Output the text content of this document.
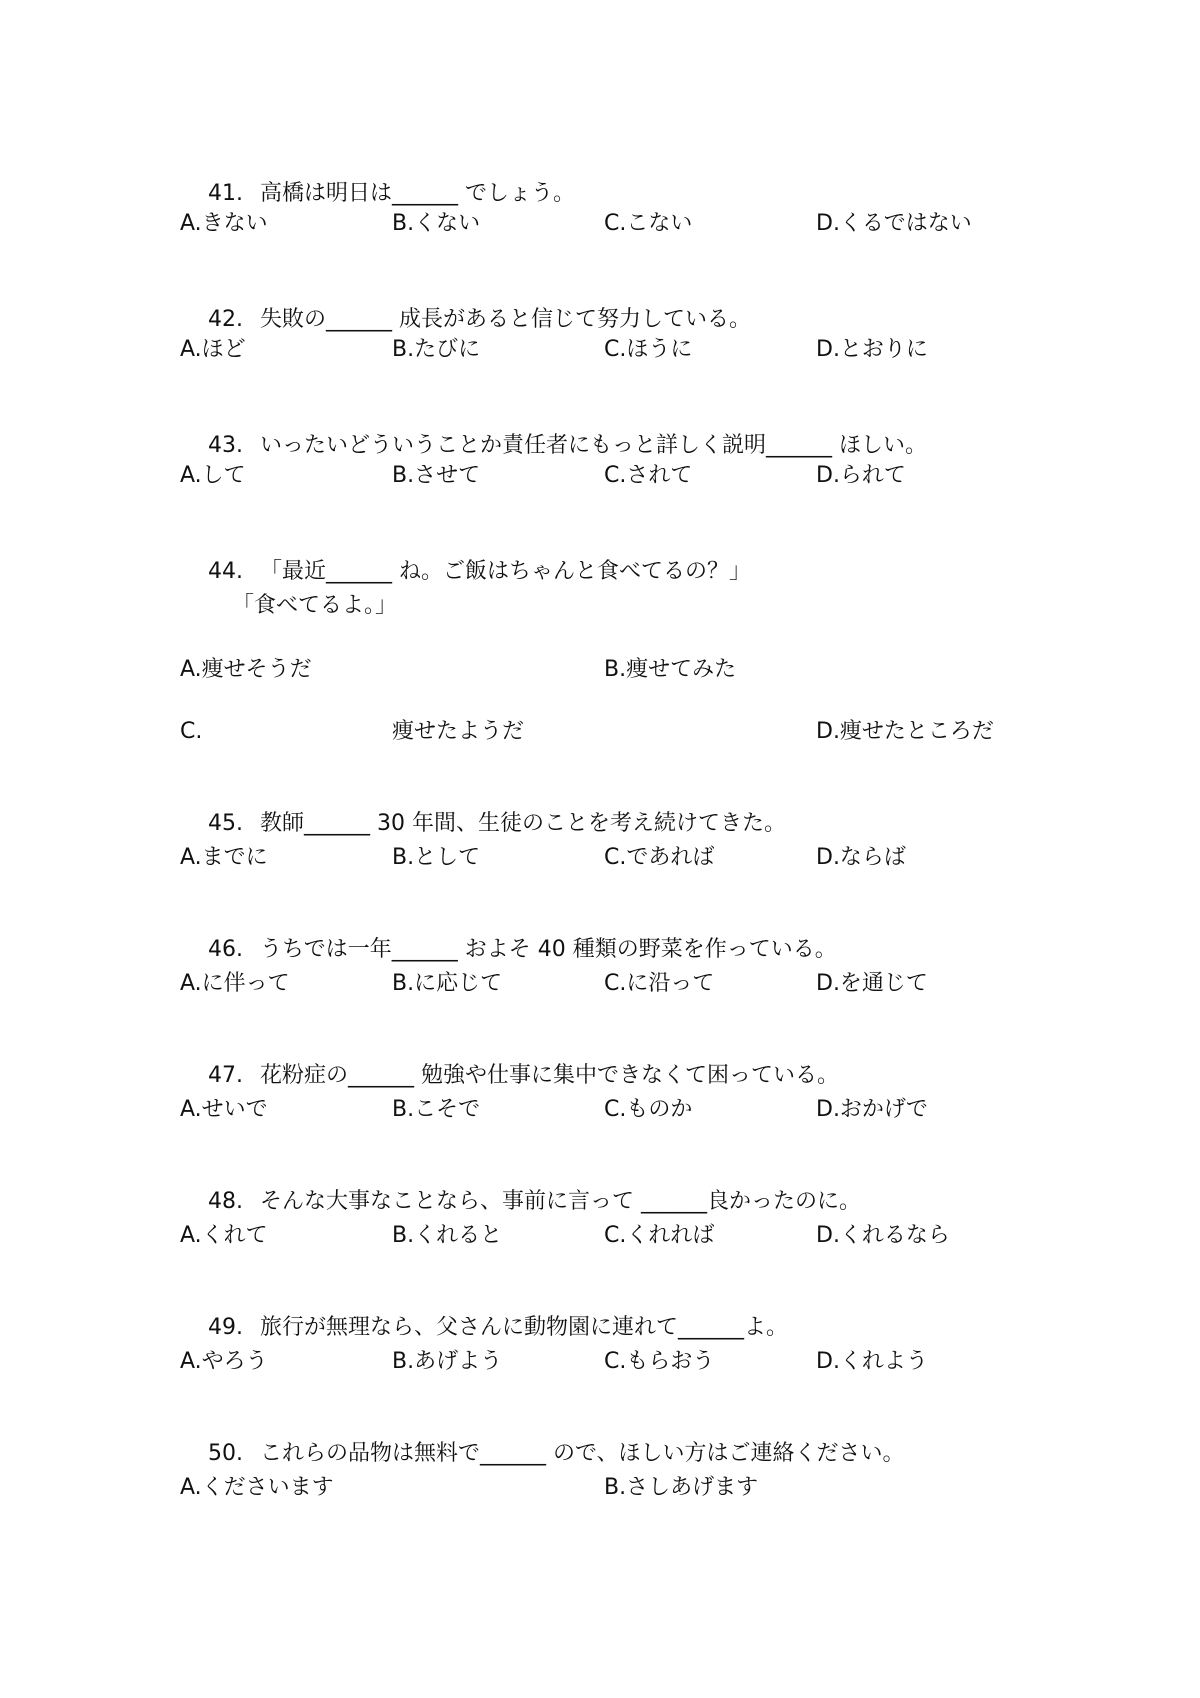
41. 高橋は明日は______ でしょう。

A.きない	B.くない	C.こない	D.くるではない

42. 失敗の______ 成長があると信じて努力している。

A.ほど	B.たびに	C.ほうに	D.とおりに

43. いったいどういうことか責任者にもっと詳しく説明______ ほしい。

A.して	B.させて	C.されて	D.られて

44. 「最近______ ね。ご飯はちゃんと食べてるの？」

「食べてるよ。」
A.痩せそうだ	B.痩せてみた
C.	痩せたようだ	D.痩せたところだ

45. 教師______ 30 年間、生徒のことを考え続けてきた。

A.までに	B.として	C.であれば	D.ならば

46. うちでは一年______ およそ 40 種類の野菜を作っている。

A.に伴って	B.に応じて	C.に沿って	D.を通じて

47. 花粉症の______ 勉強や仕事に集中できなくて困っている。

A.せいで	B.こそで	C.ものか	D.おかげで

48. そんな大事なことなら、事前に言って ______良かったのに。

A.くれて	B.くれると	C.くれれば	D.くれるなら

49. 旅行が無理なら、父さんに動物園に連れて______よ。

A.やろう	B.あげよう	C.もらおう	D.くれよう

50. これらの品物は無料で______ ので、ほしい方はご連絡ください。

A.くださいます	B.さしあげます
